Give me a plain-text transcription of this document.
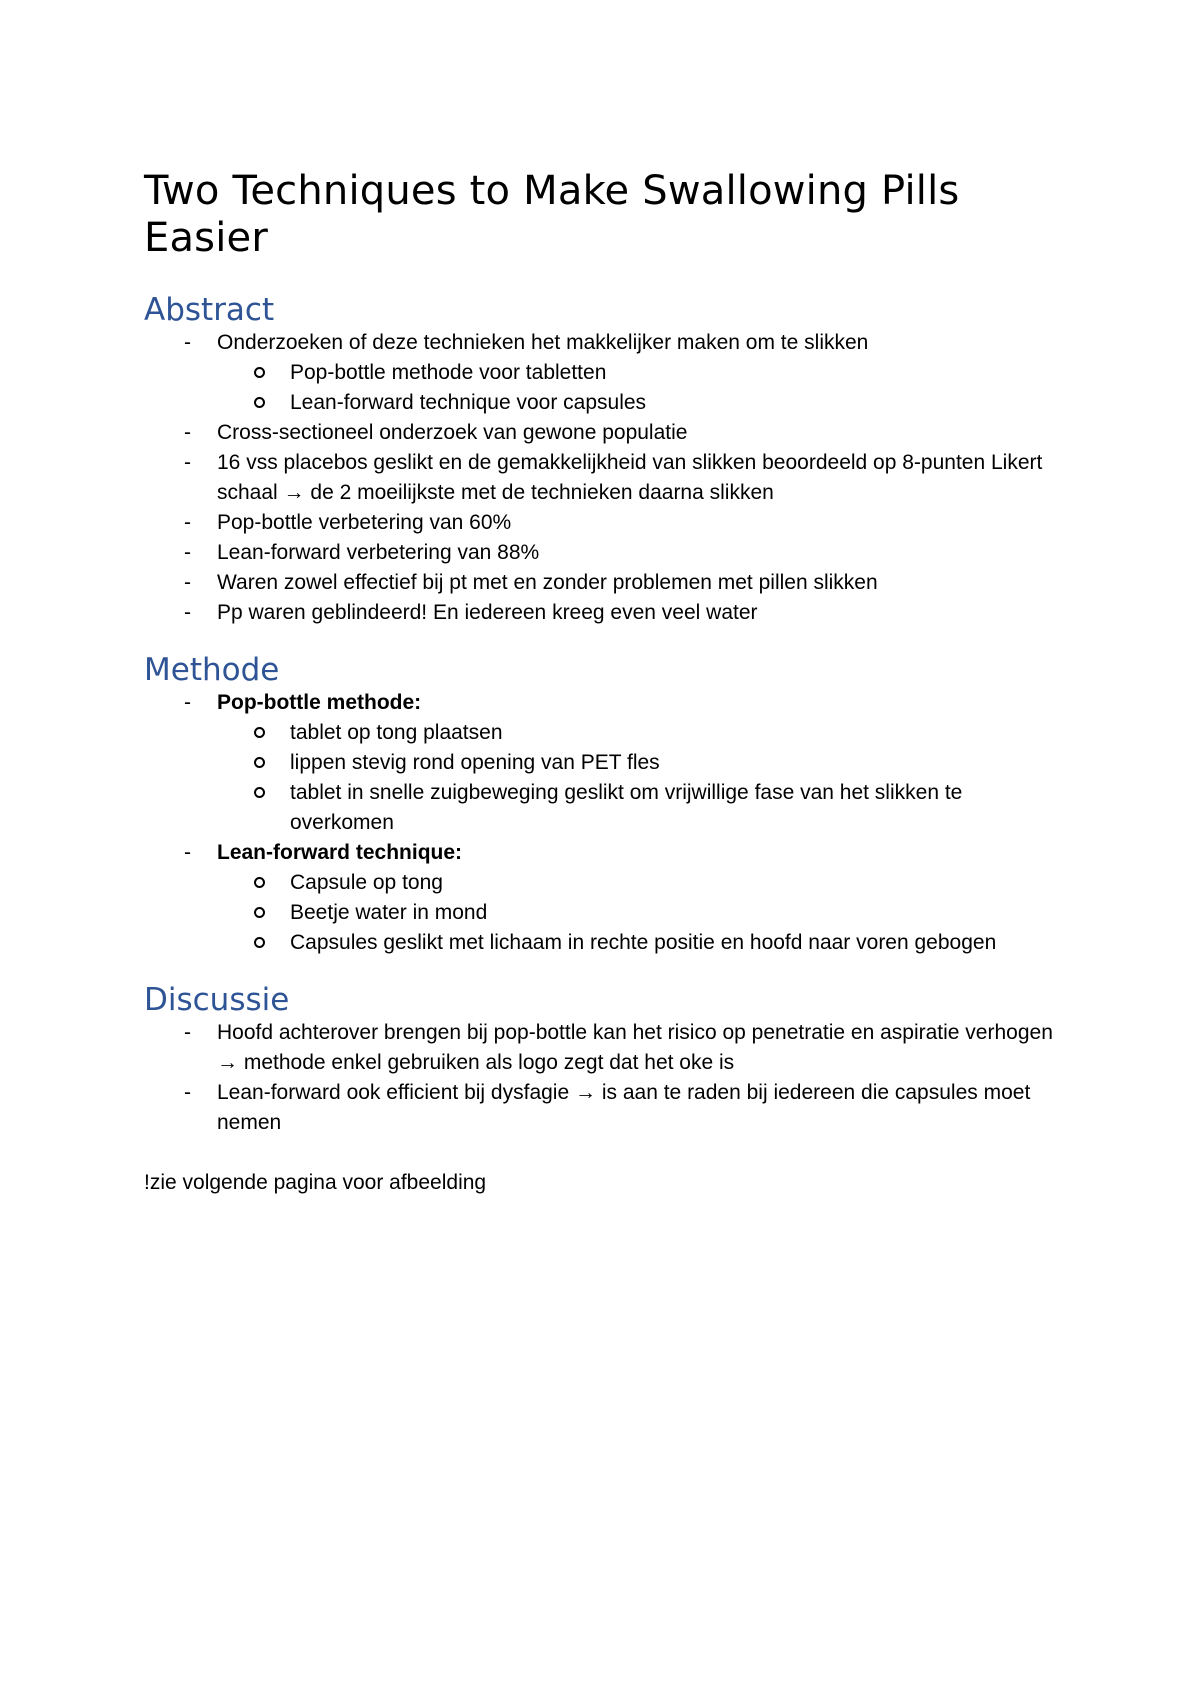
Two Techniques to Make Swallowing Pills Easier
Abstract
- Onderzoeken of deze technieken het makkelijker maken om te slikken
Pop-bottle methode voor tabletten
Lean-forward technique voor capsules
- Cross-sectioneel onderzoek van gewone populatie
- 16 vss placebos geslikt en de gemakkelijkheid van slikken beoordeeld op 8-punten Likert schaal → de 2 moeilijkste met de technieken daarna slikken
- Pop-bottle verbetering van 60%
- Lean-forward verbetering van 88%
- Waren zowel effectief bij pt met en zonder problemen met pillen slikken
- Pp waren geblindeerd! En iedereen kreeg even veel water
Methode
- Pop-bottle methode:
tablet op tong plaatsen
lippen stevig rond opening van PET fles
tablet in snelle zuigbeweging geslikt om vrijwillige fase van het slikken te overkomen
- Lean-forward technique:
Capsule op tong
Beetje water in mond
Capsules geslikt met lichaam in rechte positie en hoofd naar voren gebogen
Discussie
- Hoofd achterover brengen bij pop-bottle kan het risico op penetratie en aspiratie verhogen → methode enkel gebruiken als logo zegt dat het oke is
- Lean-forward ook efficient bij dysfagie → is aan te raden bij iedereen die capsules moet nemen

!zie volgende pagina voor afbeelding
